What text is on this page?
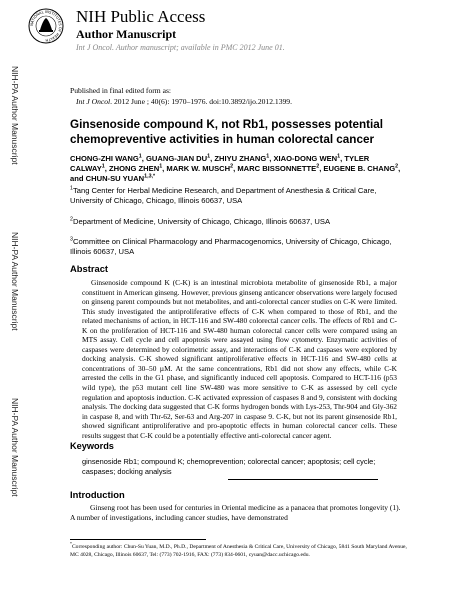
NATIONAL INSTITUTES OF HEALTH
NIH Public Access
Author Manuscript
Int J Oncol. Author manuscript; available in PMC 2012 June 01.
NIH-PA Author Manuscript
NIH-PA Author Manuscript
NIH-PA Author Manuscript
Published in final edited form as:
Int J Oncol. 2012 June ; 40(6): 1970–1976. doi:10.3892/ijo.2012.1399.
Ginsenoside compound K, not Rb1, possesses potential chemopreventive activities in human colorectal cancer
CHONG-ZHI WANG$^1$, GUANG-JIAN $DU^1$, ZHIYU ZHANG$^1$, XIAO-DONG WEN$^1$, TYLER CALWAY$^1$, ZHONG ZHEN$^1$, MARK W. MUSCH$^2$, MARC BISSONNETTE$^2$, EUGENE B. CHANG$^2$, and CHUN-SU $YUAN^{1,3,*}$
$^1$Tang Center for Herbal Medicine Research, and Department of Anesthesia & Critical Care, University of Chicago, Chicago, Illinois 60637, USA
$^2$Department of Medicine, University of Chicago, Chicago, Illinois 60637, USA
$^3$Committee on Clinical Pharmacology and Pharmacogenomics, University of Chicago, Chicago, Illinois 60637, USA
Abstract

Ginsenoside compound K (C-K) is an intestinal microbiota metabolite of ginsenoside Rb1, a major constituent in American ginseng. However, previous ginseng anticancer observations were largely focused on ginseng parent compounds but not metabolites, and anti-colorectal cancer studies on C-K were limited. This study investigated the antiproliferative effects of C-K when compared to those of Rb1, and the related mechanisms of action, in HCT-116 and SW-480 colorectal cancer cells. The effects of Rb1 and C-K on the proliferation of HCT-116 and SW-480 human colorectal cancer cells were compared using an MTS assay. Cell cycle and cell apoptosis were assayed using flow cytometry. Enzymatic activities of caspases were determined by colorimetric assay, and interactions of C-K and caspases were explored by docking analysis. C-K showed significant antiproliferative effects in HCT-116 and SW-480 cells at concentrations of 30–50 µM. At the same concentrations, Rb1 did not show any effects, while C-K arrested the cells in the G1 phase, and significantly induced cell apoptosis. Compared to HCT-116 (p53 wild type), the p53 mutant cell line SW-480 was more sensitive to C-K as assessed by cell cycle regulation and apoptosis induction. C-K activated expression of caspases 8 and 9, consistent with docking analysis. The docking data suggested that C-K forms hydrogen bonds with Lys-253, Thr-904 and Gly-362 in caspase 8, and with Thr-62, Ser-63 and Arg-207 in caspase 9. C-K, but not its parent ginsenoside Rb1, showed significant antiproliferative and pro-apoptotic effects in human colorectal cancer cells. These results suggest that C-K could be a potentially effective anti-colorectal cancer agent.

Keywords
ginsenoside Rb1; compound K; chemoprevention; colorectal cancer; apoptosis; cell cycle; caspases; docking analysis
Introduction

Ginseng root has been used for centuries in Oriental medicine as a panacea that promotes longevity (1). A number of investigations, including cancer studies, have demonstrated

*Corresponding author: Chun-Su Yuan, M.D., Ph.D., Department of Anesthesia & Critical Care, University of Chicago, 5841 South Maryland Avenue, MC 4028, Chicago, Illinois 60637, Tel: (773) 702-1916, FAX: (773) 834-0601, cyuan@dacc.uchicago.edu.
